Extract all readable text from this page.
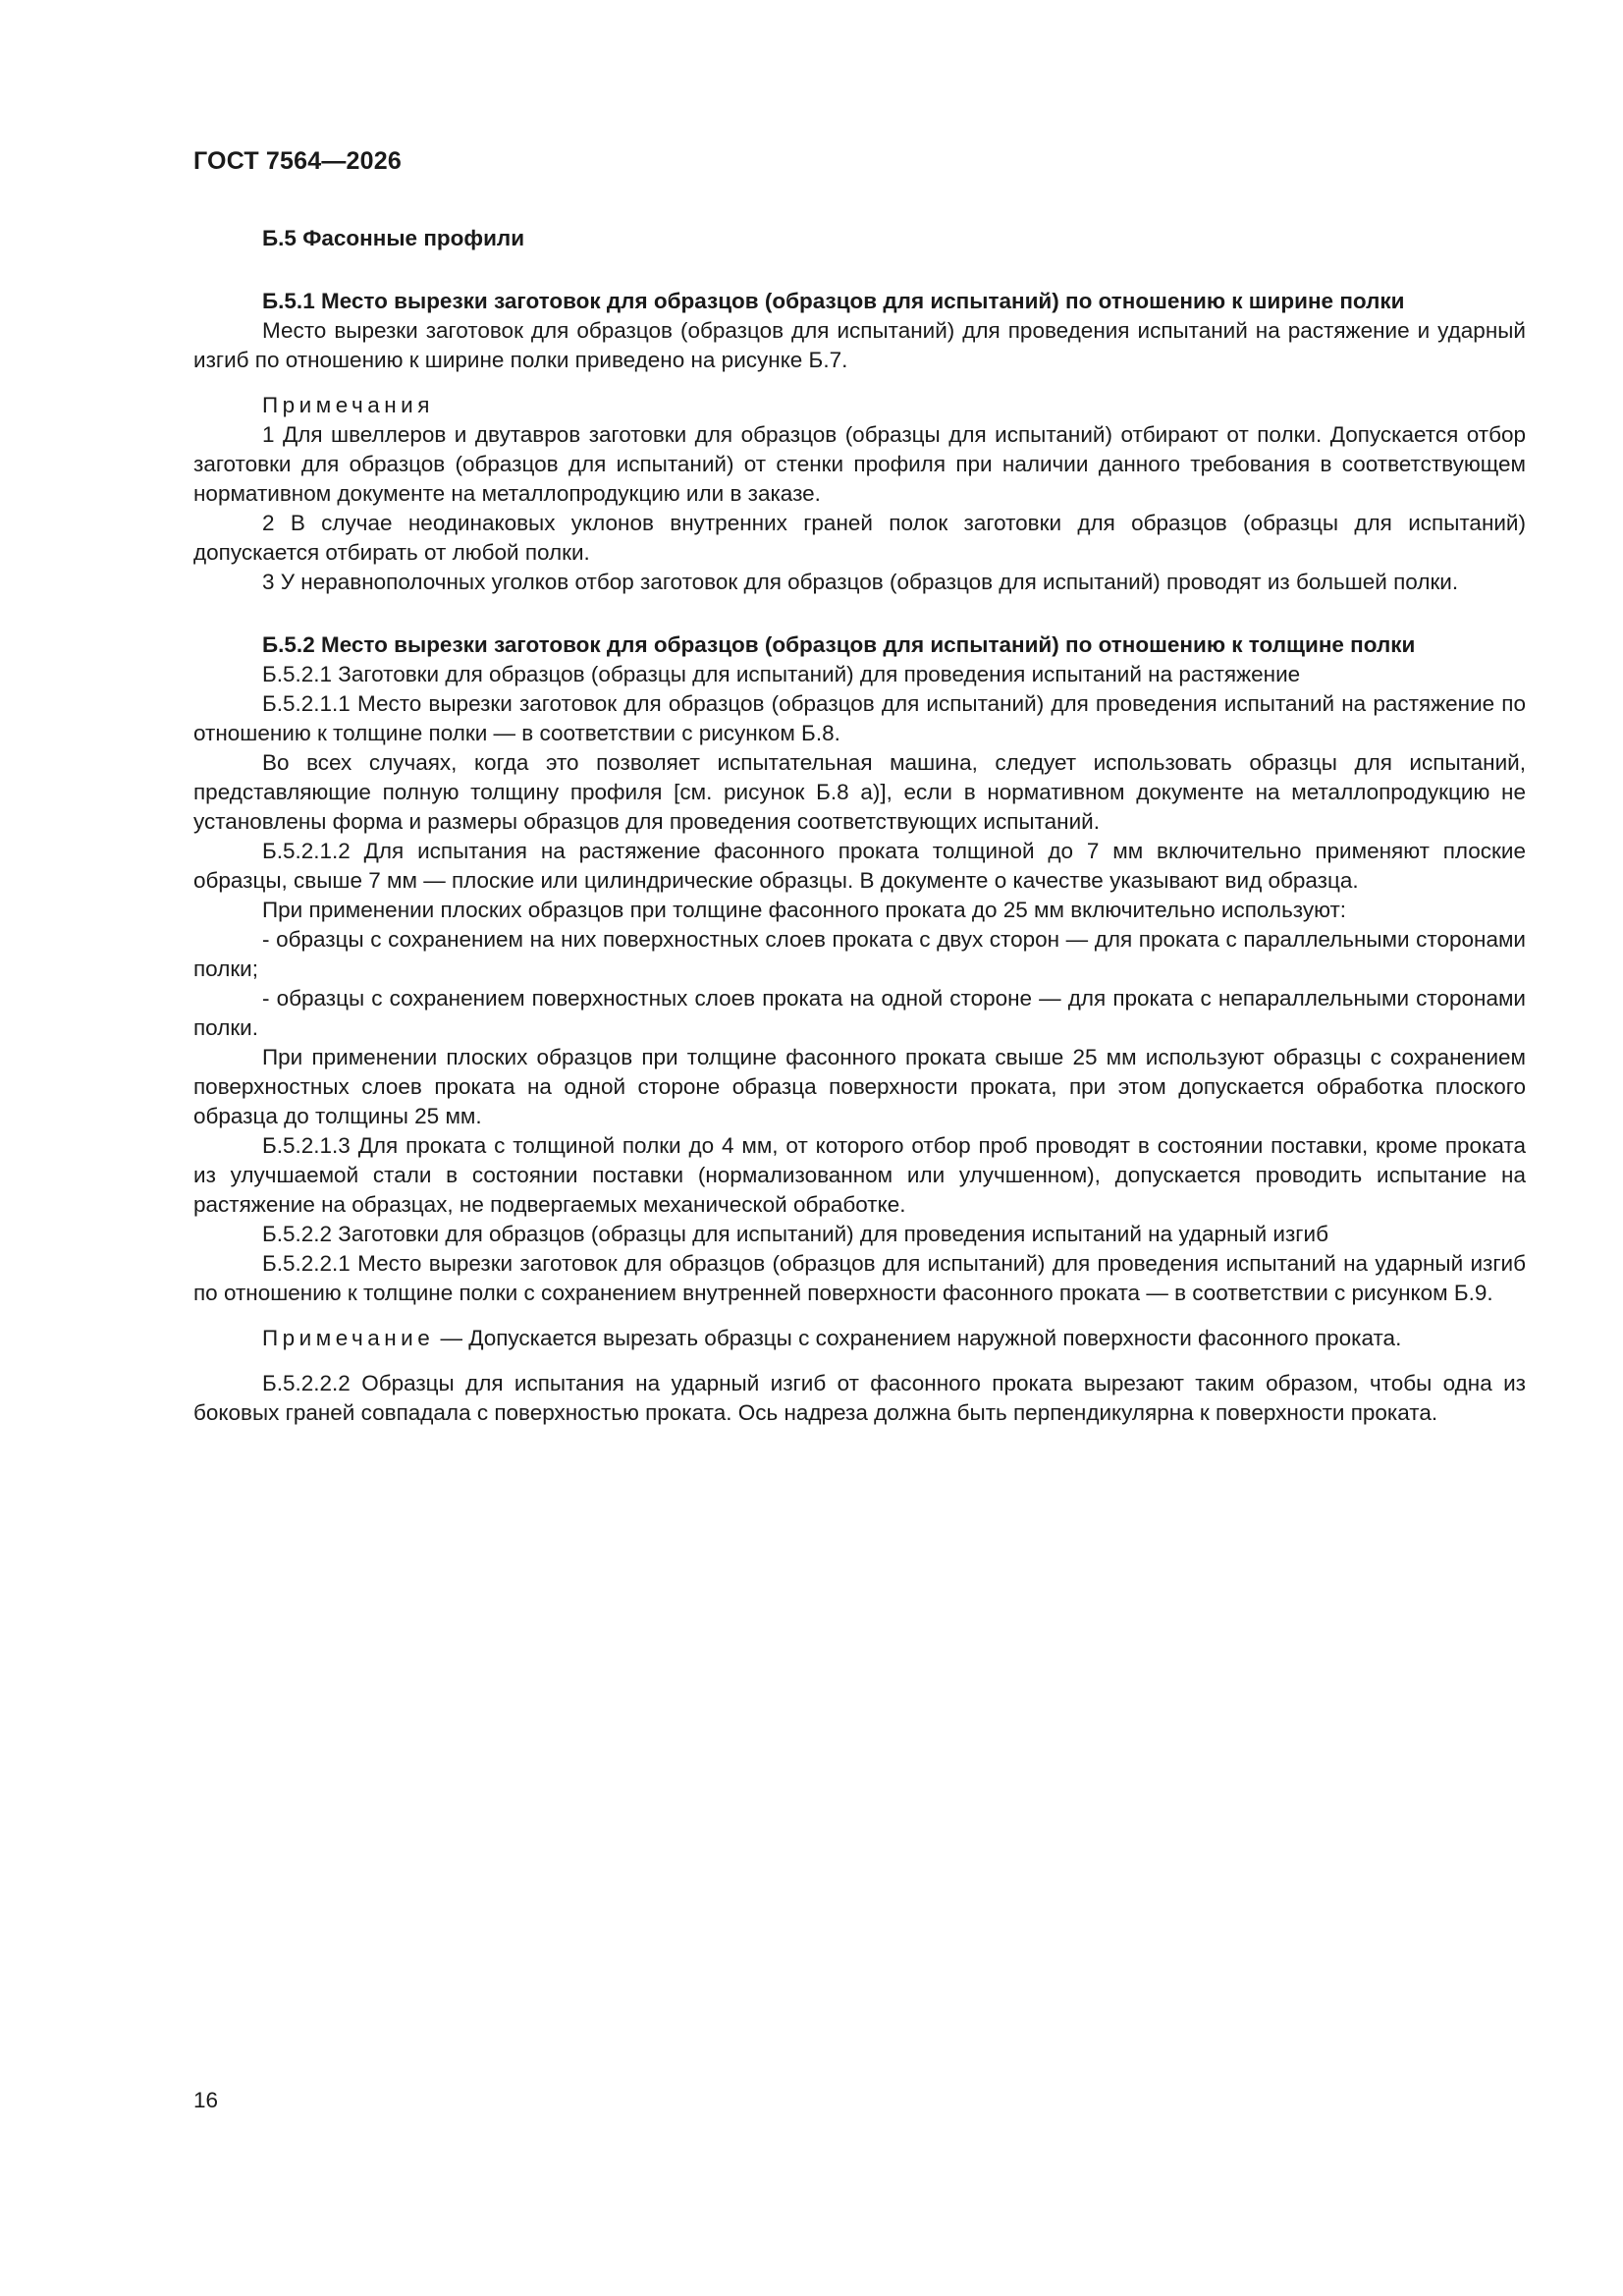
ГОСТ 7564—2026

Б.5 Фасонные профили

Б.5.1 Место вырезки заготовок для образцов (образцов для испытаний) по отношению к ширине полки

Место вырезки заготовок для образцов (образцов для испытаний) для проведения испытаний на растяжение и ударный изгиб по отношению к ширине полки приведено на рисунке Б.7.

Примечания

1 Для швеллеров и двутавров заготовки для образцов (образцы для испытаний) отбирают от полки. Допускается отбор заготовки для образцов (образцов для испытаний) от стенки профиля при наличии данного требования в соответствующем нормативном документе на металлопродукцию или в заказе.

2 В случае неодинаковых уклонов внутренних граней полок заготовки для образцов (образцы для испытаний) допускается отбирать от любой полки.

3 У неравнополочных уголков отбор заготовок для образцов (образцов для испытаний) проводят из большей полки.

Б.5.2 Место вырезки заготовок для образцов (образцов для испытаний) по отношению к толщине полки

Б.5.2.1 Заготовки для образцов (образцы для испытаний) для проведения испытаний на растяжение

Б.5.2.1.1 Место вырезки заготовок для образцов (образцов для испытаний) для проведения испытаний на растяжение по отношению к толщине полки — в соответствии с рисунком Б.8.

Во всех случаях, когда это позволяет испытательная машина, следует использовать образцы для испытаний, представляющие полную толщину профиля [см. рисунок Б.8 а)], если в нормативном документе на металлопродукцию не установлены форма и размеры образцов для проведения соответствующих испытаний.

Б.5.2.1.2 Для испытания на растяжение фасонного проката толщиной до 7 мм включительно применяют плоские образцы, свыше 7 мм — плоские или цилиндрические образцы. В документе о качестве указывают вид образца.

При применении плоских образцов при толщине фасонного проката до 25 мм включительно используют:

- образцы с сохранением на них поверхностных слоев проката с двух сторон — для проката с параллельными сторонами полки;

- образцы с сохранением поверхностных слоев проката на одной стороне — для проката с непараллельными сторонами полки.

При применении плоских образцов при толщине фасонного проката свыше 25 мм используют образцы с сохранением поверхностных слоев проката на одной стороне образца поверхности проката, при этом допускается обработка плоского образца до толщины 25 мм.

Б.5.2.1.3 Для проката с толщиной полки до 4 мм, от которого отбор проб проводят в состоянии поставки, кроме проката из улучшаемой стали в состоянии поставки (нормализованном или улучшенном), допускается проводить испытание на растяжение на образцах, не подвергаемых механической обработке.

Б.5.2.2 Заготовки для образцов (образцы для испытаний) для проведения испытаний на ударный изгиб

Б.5.2.2.1 Место вырезки заготовок для образцов (образцов для испытаний) для проведения испытаний на ударный изгиб по отношению к толщине полки с сохранением внутренней поверхности фасонного проката — в соответствии с рисунком Б.9.

Примечание — Допускается вырезать образцы с сохранением наружной поверхности фасонного проката.

Б.5.2.2.2 Образцы для испытания на ударный изгиб от фасонного проката вырезают таким образом, чтобы одна из боковых граней совпадала с поверхностью проката. Ось надреза должна быть перпендикулярна к поверхности проката.

16
